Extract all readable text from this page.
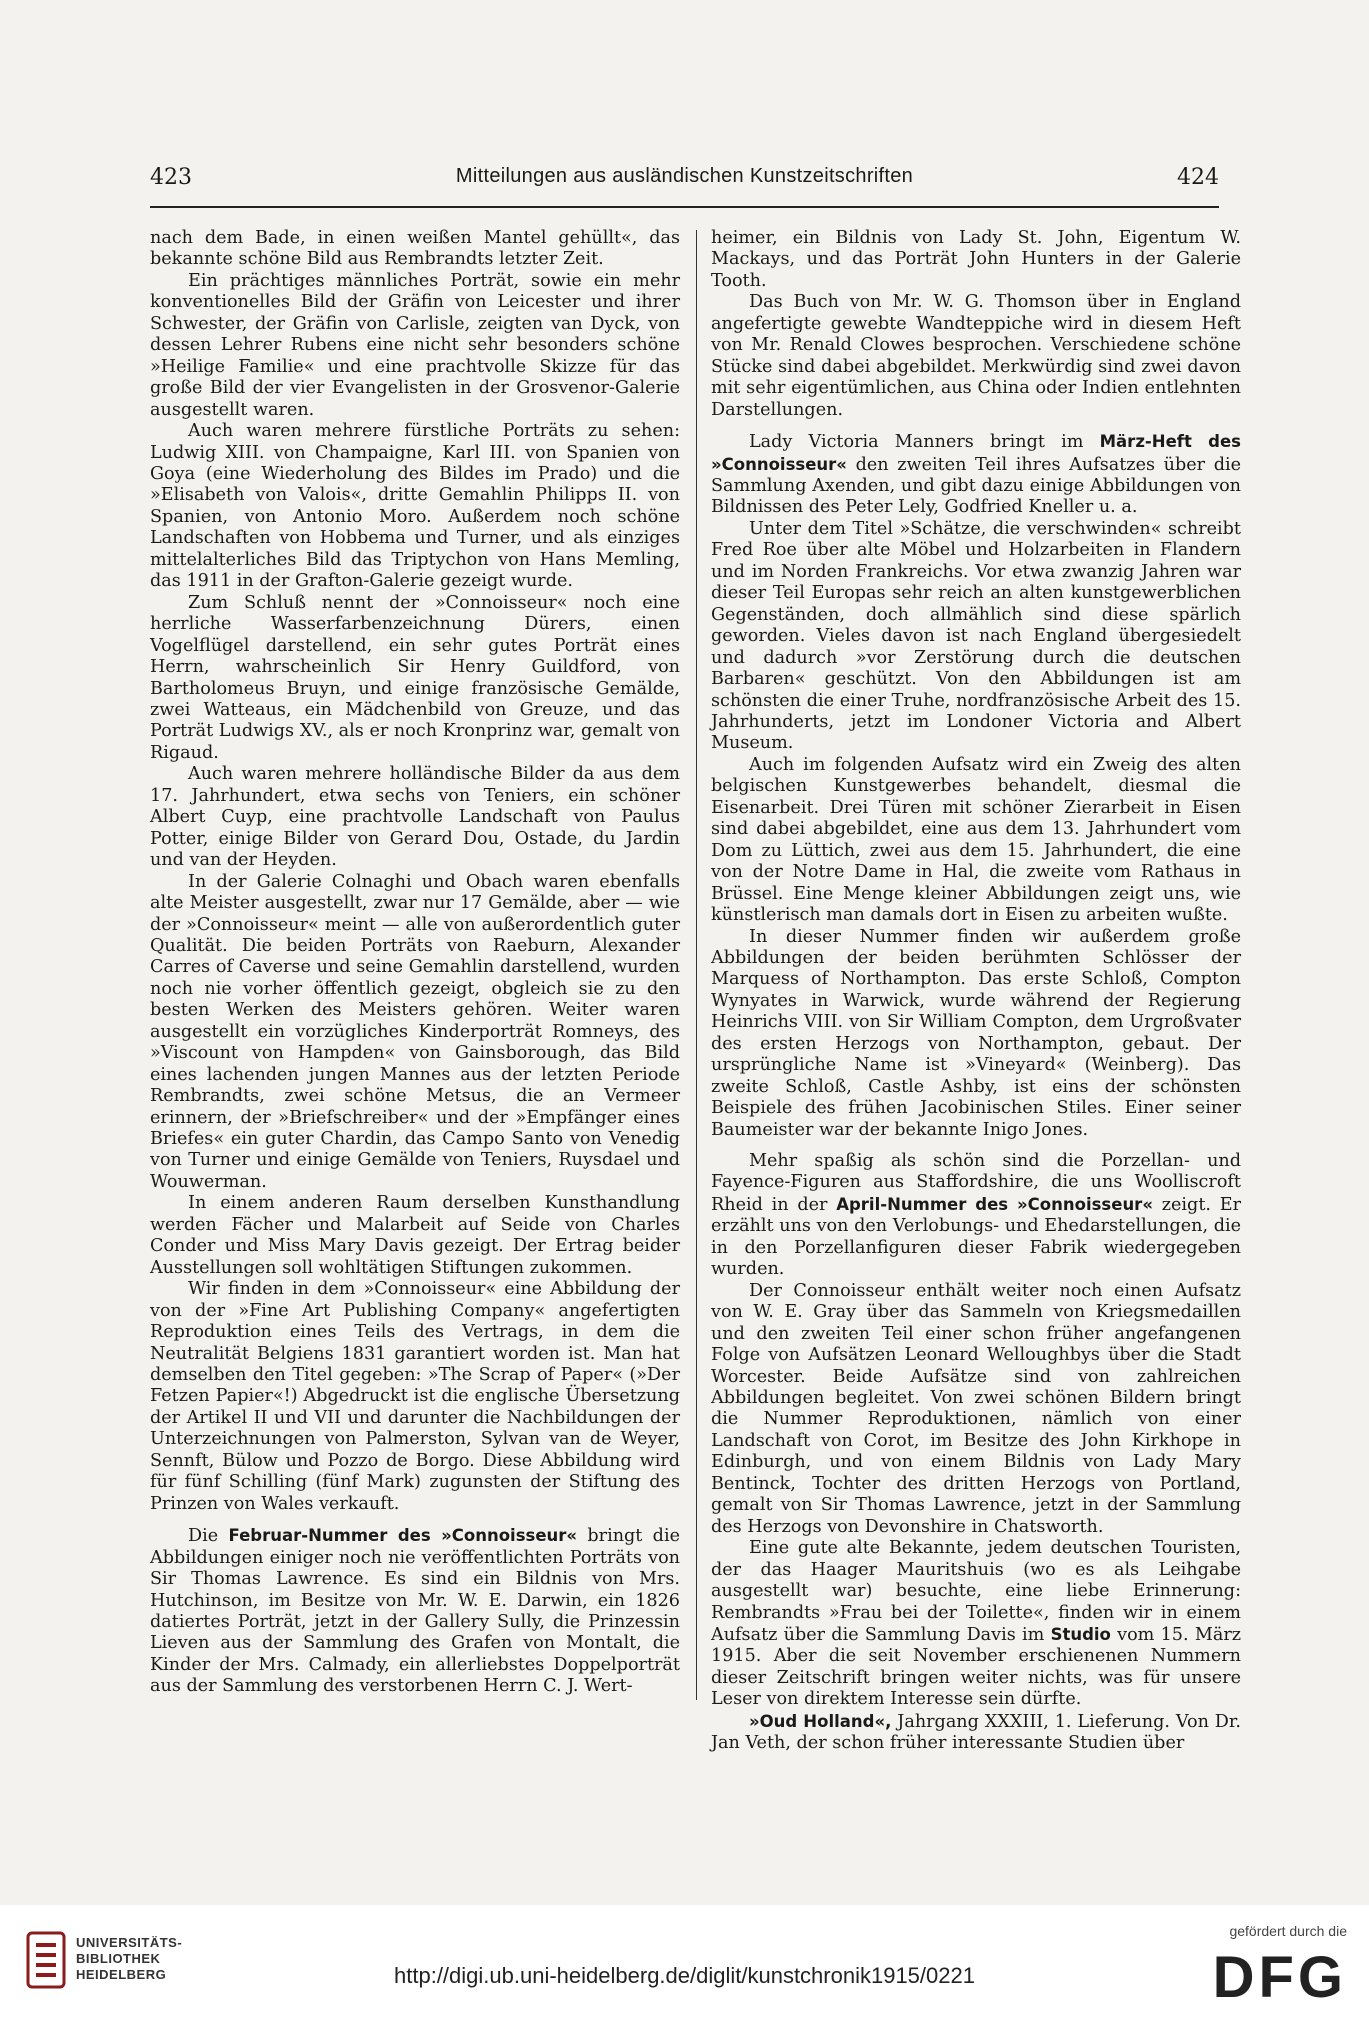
423	Mitteilungen aus ausländischen Kunstzeitschriften	424

nach dem Bade, in einen weißen Mantel gehüllt«, das bekannte schöne Bild aus Rembrandts letzter Zeit.

Ein prächtiges männliches Porträt, sowie ein mehr konventionelles Bild der Gräfin von Leicester und ihrer Schwester, der Gräfin von Carlisle, zeigten van Dyck, von dessen Lehrer Rubens eine nicht sehr besonders schöne »Heilige Familie« und eine prachtvolle Skizze für das große Bild der vier Evangelisten in der Grosvenor-Galerie ausgestellt waren.

Auch waren mehrere fürstliche Porträts zu sehen: Ludwig XIII. von Champaigne, Karl III. von Spanien von Goya (eine Wiederholung des Bildes im Prado) und die »Elisabeth von Valois«, dritte Gemahlin Philipps II. von Spanien, von Antonio Moro. Außerdem noch schöne Landschaften von Hobbema und Turner, und als einziges mittelalterliches Bild das Triptychon von Hans Memling, das 1911 in der Grafton-Galerie gezeigt wurde.

Zum Schluß nennt der »Connoisseur« noch eine herrliche Wasserfarbenzeichnung Dürers, einen Vogelflügel darstellend, ein sehr gutes Porträt eines Herrn, wahrscheinlich Sir Henry Guildford, von Bartholomeus Bruyn, und einige französische Gemälde, zwei Watteaus, ein Mädchenbild von Greuze, und das Porträt Ludwigs XV., als er noch Kronprinz war, gemalt von Rigaud.

Auch waren mehrere holländische Bilder da aus dem 17. Jahrhundert, etwa sechs von Teniers, ein schöner Albert Cuyp, eine prachtvolle Landschaft von Paulus Potter, einige Bilder von Gerard Dou, Ostade, du Jardin und van der Heyden.

In der Galerie Colnaghi und Obach waren ebenfalls alte Meister ausgestellt, zwar nur 17 Gemälde, aber — wie der »Connoisseur« meint — alle von außerordentlich guter Qualität. Die beiden Porträts von Raeburn, Alexander Carres of Caverse und seine Gemahlin darstellend, wurden noch nie vorher öffentlich gezeigt, obgleich sie zu den besten Werken des Meisters gehören. Weiter waren ausgestellt ein vorzügliches Kinderporträt Romneys, des »Viscount von Hampden« von Gainsborough, das Bild eines lachenden jungen Mannes aus der letzten Periode Rembrandts, zwei schöne Metsus, die an Vermeer erinnern, der »Briefschreiber« und der »Empfänger eines Briefes« ein guter Chardin, das Campo Santo von Venedig von Turner und einige Gemälde von Teniers, Ruysdael und Wouwerman.

In einem anderen Raum derselben Kunsthandlung werden Fächer und Malarbeit auf Seide von Charles Conder und Miss Mary Davis gezeigt. Der Ertrag beider Ausstellungen soll wohltätigen Stiftungen zukommen.

Wir finden in dem »Connoisseur« eine Abbildung der von der »Fine Art Publishing Company« angefertigten Reproduktion eines Teils des Vertrags, in dem die Neutralität Belgiens 1831 garantiert worden ist. Man hat demselben den Titel gegeben: »The Scrap of Paper« (»Der Fetzen Papier«!) Abgedruckt ist die englische Übersetzung der Artikel II und VII und darunter die Nachbildungen der Unterzeichnungen von Palmerston, Sylvan van de Weyer, Sennft, Bülow und Pozzo de Borgo. Diese Abbildung wird für fünf Schilling (fünf Mark) zugunsten der Stiftung des Prinzen von Wales verkauft.

Die Februar-Nummer des »Connoisseur« bringt die Abbildungen einiger noch nie veröffentlichten Porträts von Sir Thomas Lawrence. Es sind ein Bildnis von Mrs. Hutchinson, im Besitze von Mr. W. E. Darwin, ein 1826 datiertes Porträt, jetzt in der Gallery Sully, die Prinzessin Lieven aus der Sammlung des Grafen von Montalt, die Kinder der Mrs. Calmady, ein allerliebstes Doppelporträt aus der Sammlung des verstorbenen Herrn C. J. Wert-

heimer, ein Bildnis von Lady St. John, Eigentum W. Mackays, und das Porträt John Hunters in der Galerie Tooth.

Das Buch von Mr. W. G. Thomson über in England angefertigte gewebte Wandteppiche wird in diesem Heft von Mr. Renald Clowes besprochen. Verschiedene schöne Stücke sind dabei abgebildet. Merkwürdig sind zwei davon mit sehr eigentümlichen, aus China oder Indien entlehnten Darstellungen.

Lady Victoria Manners bringt im März-Heft des »Connoisseur« den zweiten Teil ihres Aufsatzes über die Sammlung Axenden, und gibt dazu einige Abbildungen von Bildnissen des Peter Lely, Godfried Kneller u. a.

Unter dem Titel »Schätze, die verschwinden« schreibt Fred Roe über alte Möbel und Holzarbeiten in Flandern und im Norden Frankreichs. Vor etwa zwanzig Jahren war dieser Teil Europas sehr reich an alten kunstgewerblichen Gegenständen, doch allmählich sind diese spärlich geworden. Vieles davon ist nach England übergesiedelt und dadurch »vor Zerstörung durch die deutschen Barbaren« geschützt. Von den Abbildungen ist am schönsten die einer Truhe, nordfranzösische Arbeit des 15. Jahrhunderts, jetzt im Londoner Victoria and Albert Museum.

Auch im folgenden Aufsatz wird ein Zweig des alten belgischen Kunstgewerbes behandelt, diesmal die Eisenarbeit. Drei Türen mit schöner Zierarbeit in Eisen sind dabei abgebildet, eine aus dem 13. Jahrhundert vom Dom zu Lüttich, zwei aus dem 15. Jahrhundert, die eine von der Notre Dame in Hal, die zweite vom Rathaus in Brüssel. Eine Menge kleiner Abbildungen zeigt uns, wie künstlerisch man damals dort in Eisen zu arbeiten wußte.

In dieser Nummer finden wir außerdem große Abbildungen der beiden berühmten Schlösser der Marquess of Northampton. Das erste Schloß, Compton Wynyates in Warwick, wurde während der Regierung Heinrichs VIII. von Sir William Compton, dem Urgroßvater des ersten Herzogs von Northampton, gebaut. Der ursprüngliche Name ist »Vineyard« (Weinberg). Das zweite Schloß, Castle Ashby, ist eins der schönsten Beispiele des frühen Jacobinischen Stiles. Einer seiner Baumeister war der bekannte Inigo Jones.

Mehr spaßig als schön sind die Porzellan- und Fayence-Figuren aus Staffordshire, die uns Woolliscroft Rheid in der April-Nummer des »Connoisseur« zeigt. Er erzählt uns von den Verlobungs- und Ehedarstellungen, die in den Porzellanfiguren dieser Fabrik wiedergegeben wurden.

Der Connoisseur enthält weiter noch einen Aufsatz von W. E. Gray über das Sammeln von Kriegsmedaillen und den zweiten Teil einer schon früher angefangenen Folge von Aufsätzen Leonard Welloughbys über die Stadt Worcester. Beide Aufsätze sind von zahlreichen Abbildungen begleitet. Von zwei schönen Bildern bringt die Nummer Reproduktionen, nämlich von einer Landschaft von Corot, im Besitze des John Kirkhope in Edinburgh, und von einem Bildnis von Lady Mary Bentinck, Tochter des dritten Herzogs von Portland, gemalt von Sir Thomas Lawrence, jetzt in der Sammlung des Herzogs von Devonshire in Chatsworth.

Eine gute alte Bekannte, jedem deutschen Touristen, der das Haager Mauritshuis (wo es als Leihgabe ausgestellt war) besuchte, eine liebe Erinnerung: Rembrandts »Frau bei der Toilette«, finden wir in einem Aufsatz über die Sammlung Davis im Studio vom 15. März 1915. Aber die seit November erschienenen Nummern dieser Zeitschrift bringen weiter nichts, was für unsere Leser von direktem Interesse sein dürfte.

»Oud Holland«, Jahrgang XXXIII, 1. Lieferung. Von Dr. Jan Veth, der schon früher interessante Studien über

UNIVERSITÄTS-
BIBLIOTHEK
HEIDELBERG	http://digi.ub.uni-heidelberg.de/diglit/kunstchronik1915/0221
gefördert durch die
DFG
